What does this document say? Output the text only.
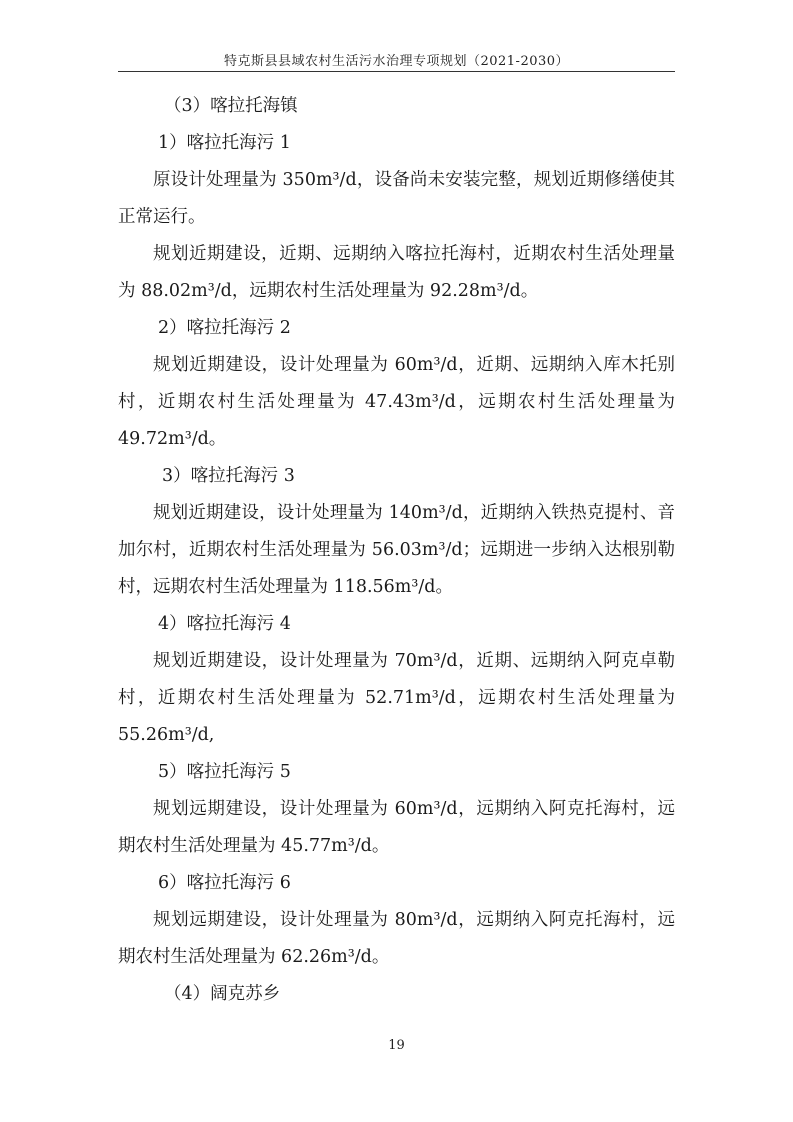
特克斯县县域农村生活污水治理专项规划（2021-2030）

（3）喀拉托海镇

1）喀拉托海污 1

原设计处理量为 350m³/d，设备尚未安装完整，规划近期修缮使其正常运行。

规划近期建设，近期、远期纳入喀拉托海村，近期农村生活处理量为 88.02m³/d，远期农村生活处理量为 92.28m³/d。

2）喀拉托海污 2

规划近期建设，设计处理量为 60m³/d，近期、远期纳入库木托别村，近期农村生活处理量为 47.43m³/d，远期农村生活处理量为 49.72m³/d。

3）喀拉托海污 3

规划近期建设，设计处理量为 140m³/d，近期纳入铁热克提村、音加尔村，近期农村生活处理量为 56.03m³/d；远期进一步纳入达根别勒村，远期农村生活处理量为 118.56m³/d。

4）喀拉托海污 4

规划近期建设，设计处理量为 70m³/d，近期、远期纳入阿克卓勒村，近期农村生活处理量为 52.71m³/d，远期农村生活处理量为 55.26m³/d,

5）喀拉托海污 5

规划远期建设，设计处理量为 60m³/d，远期纳入阿克托海村，远期农村生活处理量为 45.77m³/d。

6）喀拉托海污 6

规划远期建设，设计处理量为 80m³/d，远期纳入阿克托海村，远期农村生活处理量为 62.26m³/d。

（4）阔克苏乡

19
